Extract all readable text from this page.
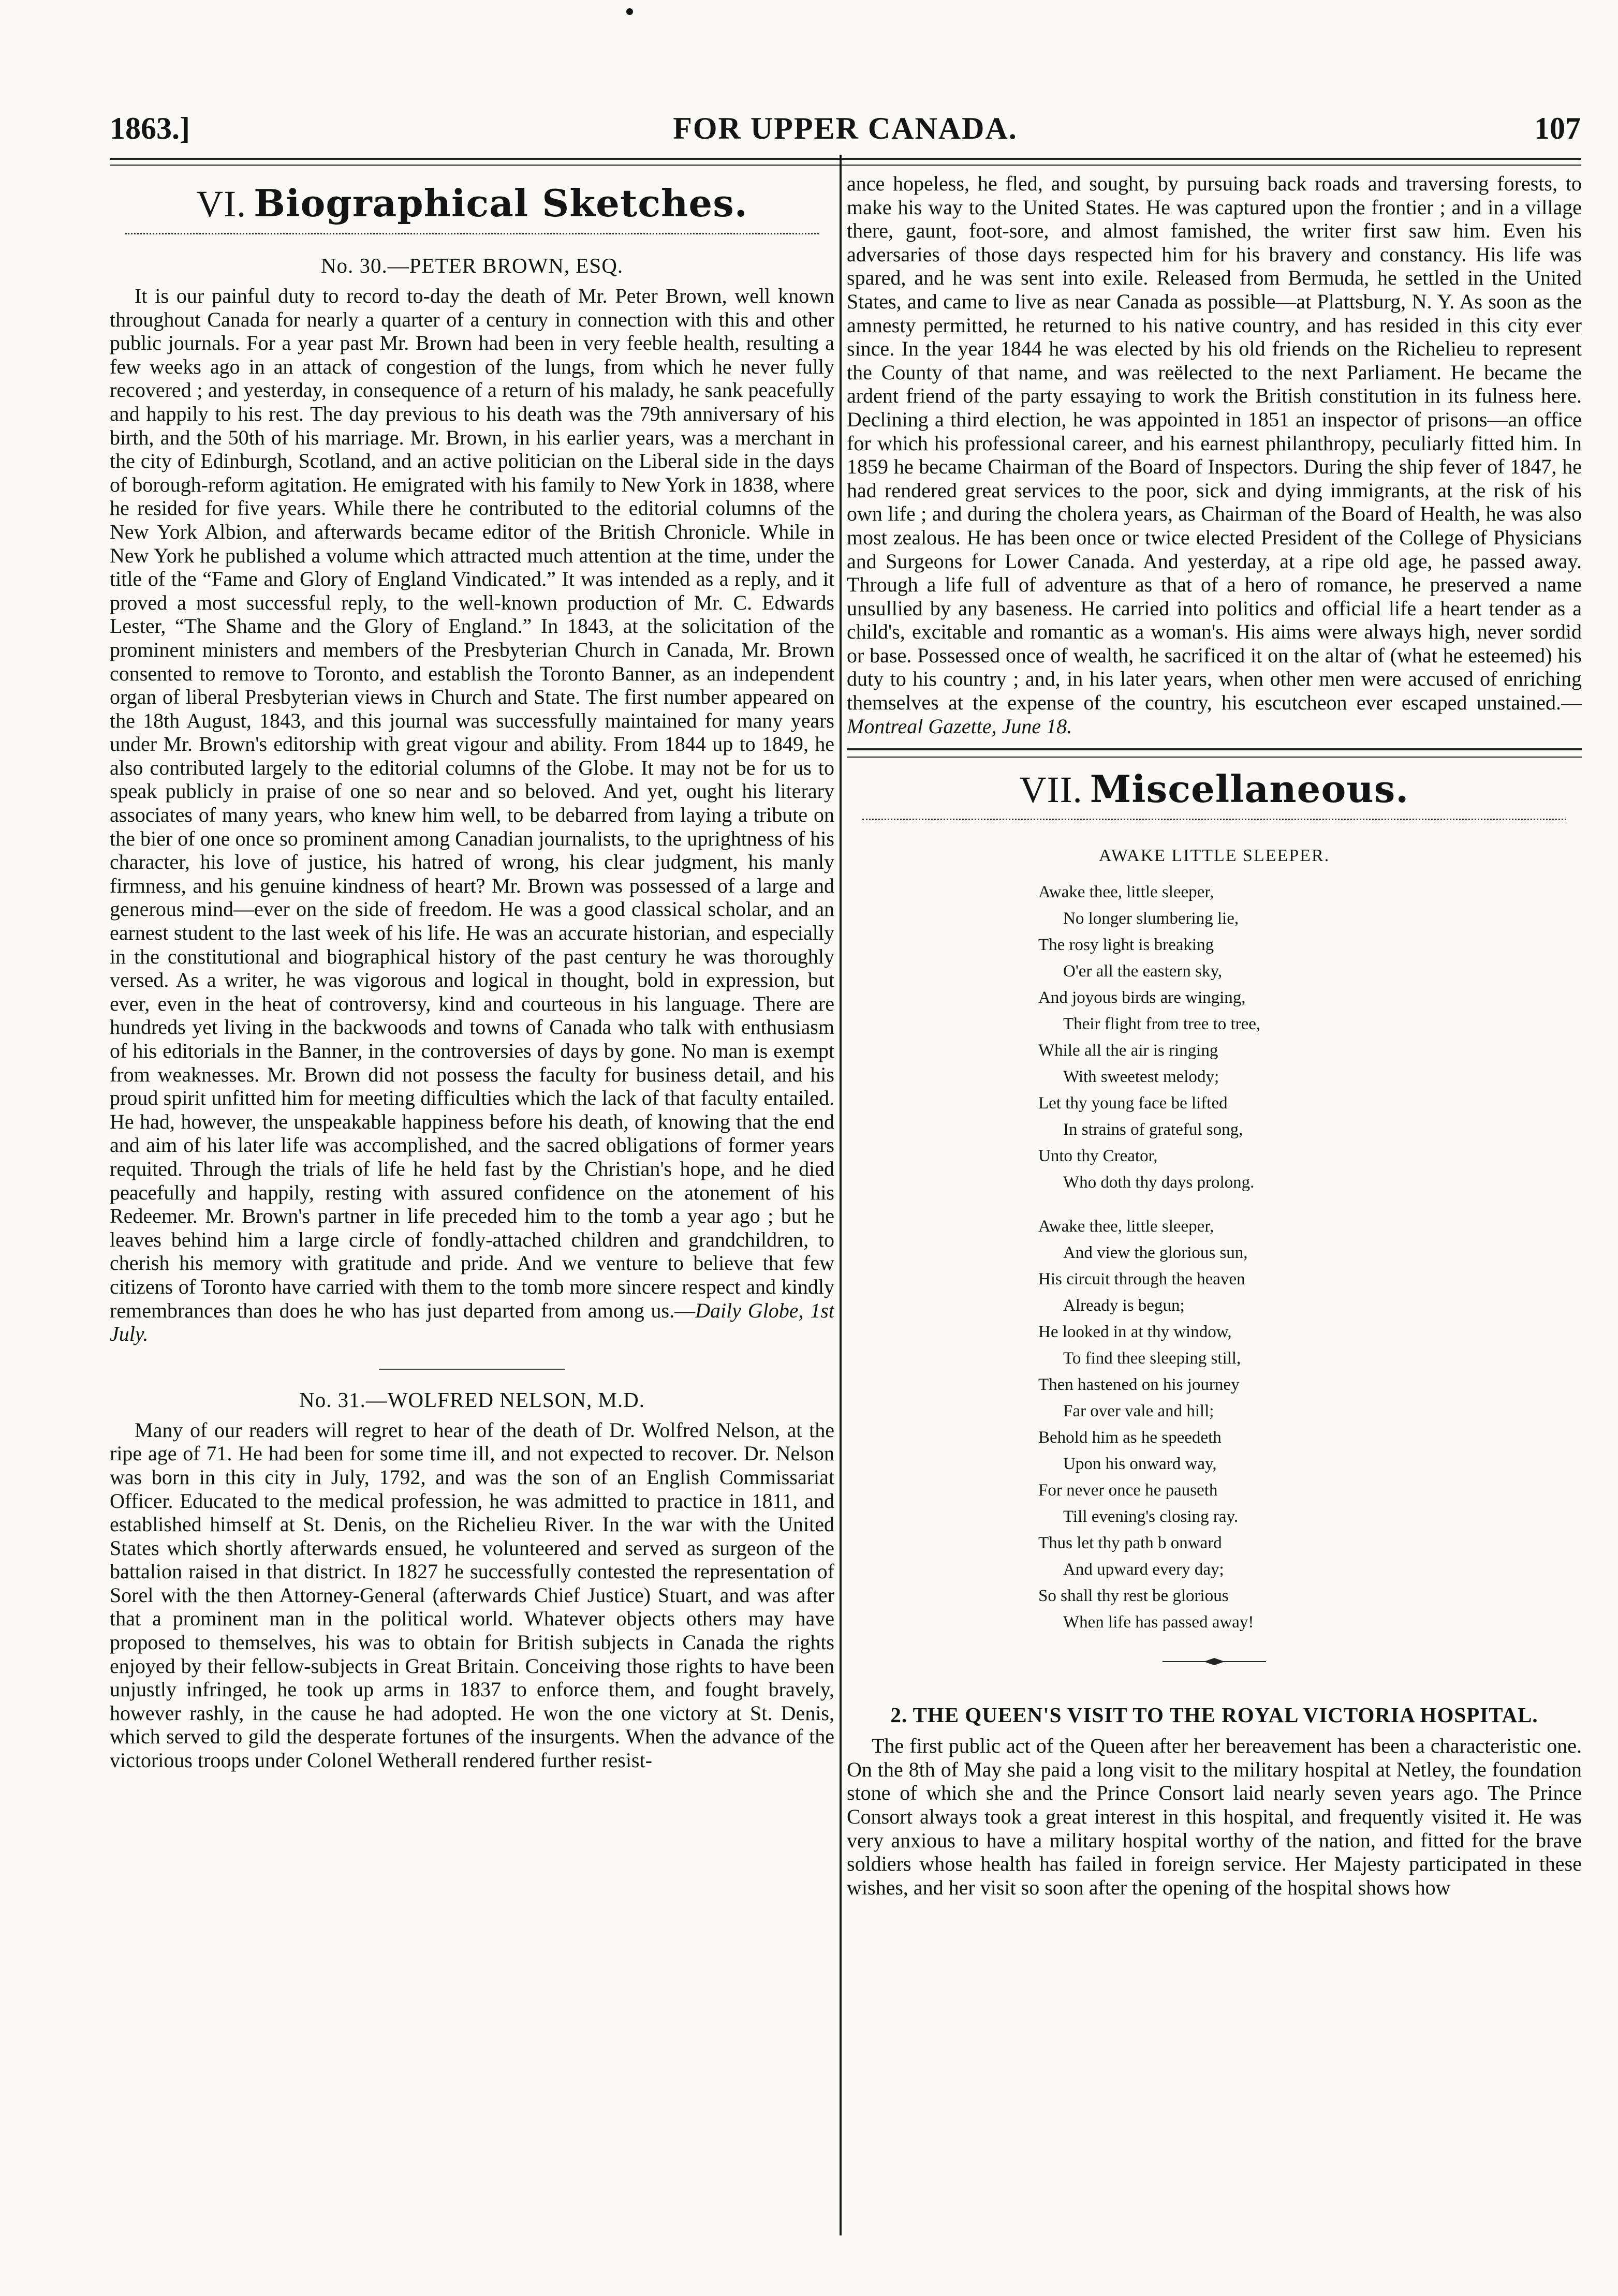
1863.]	FOR UPPER CANADA.	107
VI. Biographical Sketches.
No. 30.—PETER BROWN, ESQ.

It is our painful duty to record to-day the death of Mr. Peter Brown, well known throughout Canada for nearly a quarter of a century in connection with this and other public journals. For a year past Mr. Brown had been in very feeble health, resulting a few weeks ago in an attack of congestion of the lungs, from which he never fully recovered ; and yesterday, in consequence of a return of his malady, he sank peacefully and happily to his rest. The day previous to his death was the 79th anniversary of his birth, and the 50th of his marriage. Mr. Brown, in his earlier years, was a merchant in the city of Edinburgh, Scotland, and an active politician on the Liberal side in the days of borough-reform agitation. He emigrated with his family to New York in 1838, where he resided for five years. While there he contributed to the editorial columns of the New York Albion, and afterwards became editor of the British Chronicle. While in New York he published a volume which attracted much attention at the time, under the title of the “Fame and Glory of England Vindicated.” It was intended as a reply, and it proved a most successful reply, to the well-known production of Mr. C. Edwards Lester, “The Shame and the Glory of England.” In 1843, at the solicitation of the prominent ministers and members of the Presbyterian Church in Canada, Mr. Brown consented to remove to Toronto, and establish the Toronto Banner, as an independent organ of liberal Presbyterian views in Church and State. The first number appeared on the 18th August, 1843, and this journal was successfully maintained for many years under Mr. Brown's editorship with great vigour and ability. From 1844 up to 1849, he also contributed largely to the editorial columns of the Globe. It may not be for us to speak publicly in praise of one so near and so beloved. And yet, ought his literary associates of many years, who knew him well, to be debarred from laying a tribute on the bier of one once so prominent among Canadian journalists, to the uprightness of his character, his love of justice, his hatred of wrong, his clear judgment, his manly firmness, and his genuine kindness of heart? Mr. Brown was possessed of a large and generous mind—ever on the side of freedom. He was a good classical scholar, and an earnest student to the last week of his life. He was an accurate historian, and especially in the constitutional and biographical history of the past century he was thoroughly versed. As a writer, he was vigorous and logical in thought, bold in expression, but ever, even in the heat of controversy, kind and courteous in his language. There are hundreds yet living in the backwoods and towns of Canada who talk with enthusiasm of his editorials in the Banner, in the controversies of days by gone. No man is exempt from weaknesses. Mr. Brown did not possess the faculty for business detail, and his proud spirit unfitted him for meeting difficulties which the lack of that faculty entailed. He had, however, the unspeakable happiness before his death, of knowing that the end and aim of his later life was accomplished, and the sacred obligations of former years requited. Through the trials of life he held fast by the Christian's hope, and he died peacefully and happily, resting with assured confidence on the atonement of his Redeemer. Mr. Brown's partner in life preceded him to the tomb a year ago ; but he leaves behind him a large circle of fondly-attached children and grandchildren, to cherish his memory with gratitude and pride. And we venture to believe that few citizens of Toronto have carried with them to the tomb more sincere respect and kindly remembrances than does he who has just departed from among us.—Daily Globe, 1st July.

No. 31.—WOLFRED NELSON, M.D.

Many of our readers will regret to hear of the death of Dr. Wolfred Nelson, at the ripe age of 71. He had been for some time ill, and not expected to recover. Dr. Nelson was born in this city in July, 1792, and was the son of an English Commissariat Officer. Educated to the medical profession, he was admitted to practice in 1811, and established himself at St. Denis, on the Richelieu River. In the war with the United States which shortly afterwards ensued, he volunteered and served as surgeon of the battalion raised in that district. In 1827 he successfully contested the representation of Sorel with the then Attorney-General (afterwards Chief Justice) Stuart, and was after that a prominent man in the political world. Whatever objects others may have proposed to themselves, his was to obtain for British subjects in Canada the rights enjoyed by their fellow-subjects in Great Britain. Conceiving those rights to have been unjustly infringed, he took up arms in 1837 to enforce them, and fought bravely, however rashly, in the cause he had adopted. He won the one victory at St. Denis, which served to gild the desperate fortunes of the insurgents. When the advance of the victorious troops under Colonel Wetherall rendered further resist-

ance hopeless, he fled, and sought, by pursuing back roads and traversing forests, to make his way to the United States. He was captured upon the frontier ; and in a village there, gaunt, foot-sore, and almost famished, the writer first saw him. Even his adversaries of those days respected him for his bravery and constancy. His life was spared, and he was sent into exile. Released from Bermuda, he settled in the United States, and came to live as near Canada as possible—at Plattsburg, N. Y. As soon as the amnesty permitted, he returned to his native country, and has resided in this city ever since. In the year 1844 he was elected by his old friends on the Richelieu to represent the County of that name, and was reëlected to the next Parliament. He became the ardent friend of the party essaying to work the British constitution in its fulness here. Declining a third election, he was appointed in 1851 an inspector of prisons—an office for which his professional career, and his earnest philanthropy, peculiarly fitted him. In 1859 he became Chairman of the Board of Inspectors. During the ship fever of 1847, he had rendered great services to the poor, sick and dying immigrants, at the risk of his own life ; and during the cholera years, as Chairman of the Board of Health, he was also most zealous. He has been once or twice elected President of the College of Physicians and Surgeons for Lower Canada. And yesterday, at a ripe old age, he passed away. Through a life full of adventure as that of a hero of romance, he preserved a name unsullied by any baseness. He carried into politics and official life a heart tender as a child's, excitable and romantic as a woman's. His aims were always high, never sordid or base. Possessed once of wealth, he sacrificed it on the altar of (what he esteemed) his duty to his country ; and, in his later years, when other men were accused of enriching themselves at the expense of the country, his escutcheon ever escaped unstained.—Montreal Gazette, June 18.

VII. Miscellaneous.
AWAKE LITTLE SLEEPER.
Awake thee, little sleeper,
No longer slumbering lie,
The rosy light is breaking
O'er all the eastern sky,
And joyous birds are winging,
Their flight from tree to tree,
While all the air is ringing
With sweetest melody;
Let thy young face be lifted
In strains of grateful song,
Unto thy Creator,
Who doth thy days prolong.
Awake thee, little sleeper,
And view the glorious sun,
His circuit through the heaven
Already is begun;
He looked in at thy window,
To find thee sleeping still,
Then hastened on his journey
Far over vale and hill;
Behold him as he speedeth
Upon his onward way,
For never once he pauseth
Till evening's closing ray.
Thus let thy path b onward
And upward every day;
So shall thy rest be glorious
When life has passed away!
2. THE QUEEN'S VISIT TO THE ROYAL VICTORIA HOSPITAL.

The first public act of the Queen after her bereavement has been a characteristic one. On the 8th of May she paid a long visit to the military hospital at Netley, the foundation stone of which she and the Prince Consort laid nearly seven years ago. The Prince Consort always took a great interest in this hospital, and frequently visited it. He was very anxious to have a military hospital worthy of the nation, and fitted for the brave soldiers whose health has failed in foreign service. Her Majesty participated in these wishes, and her visit so soon after the opening of the hospital shows how
